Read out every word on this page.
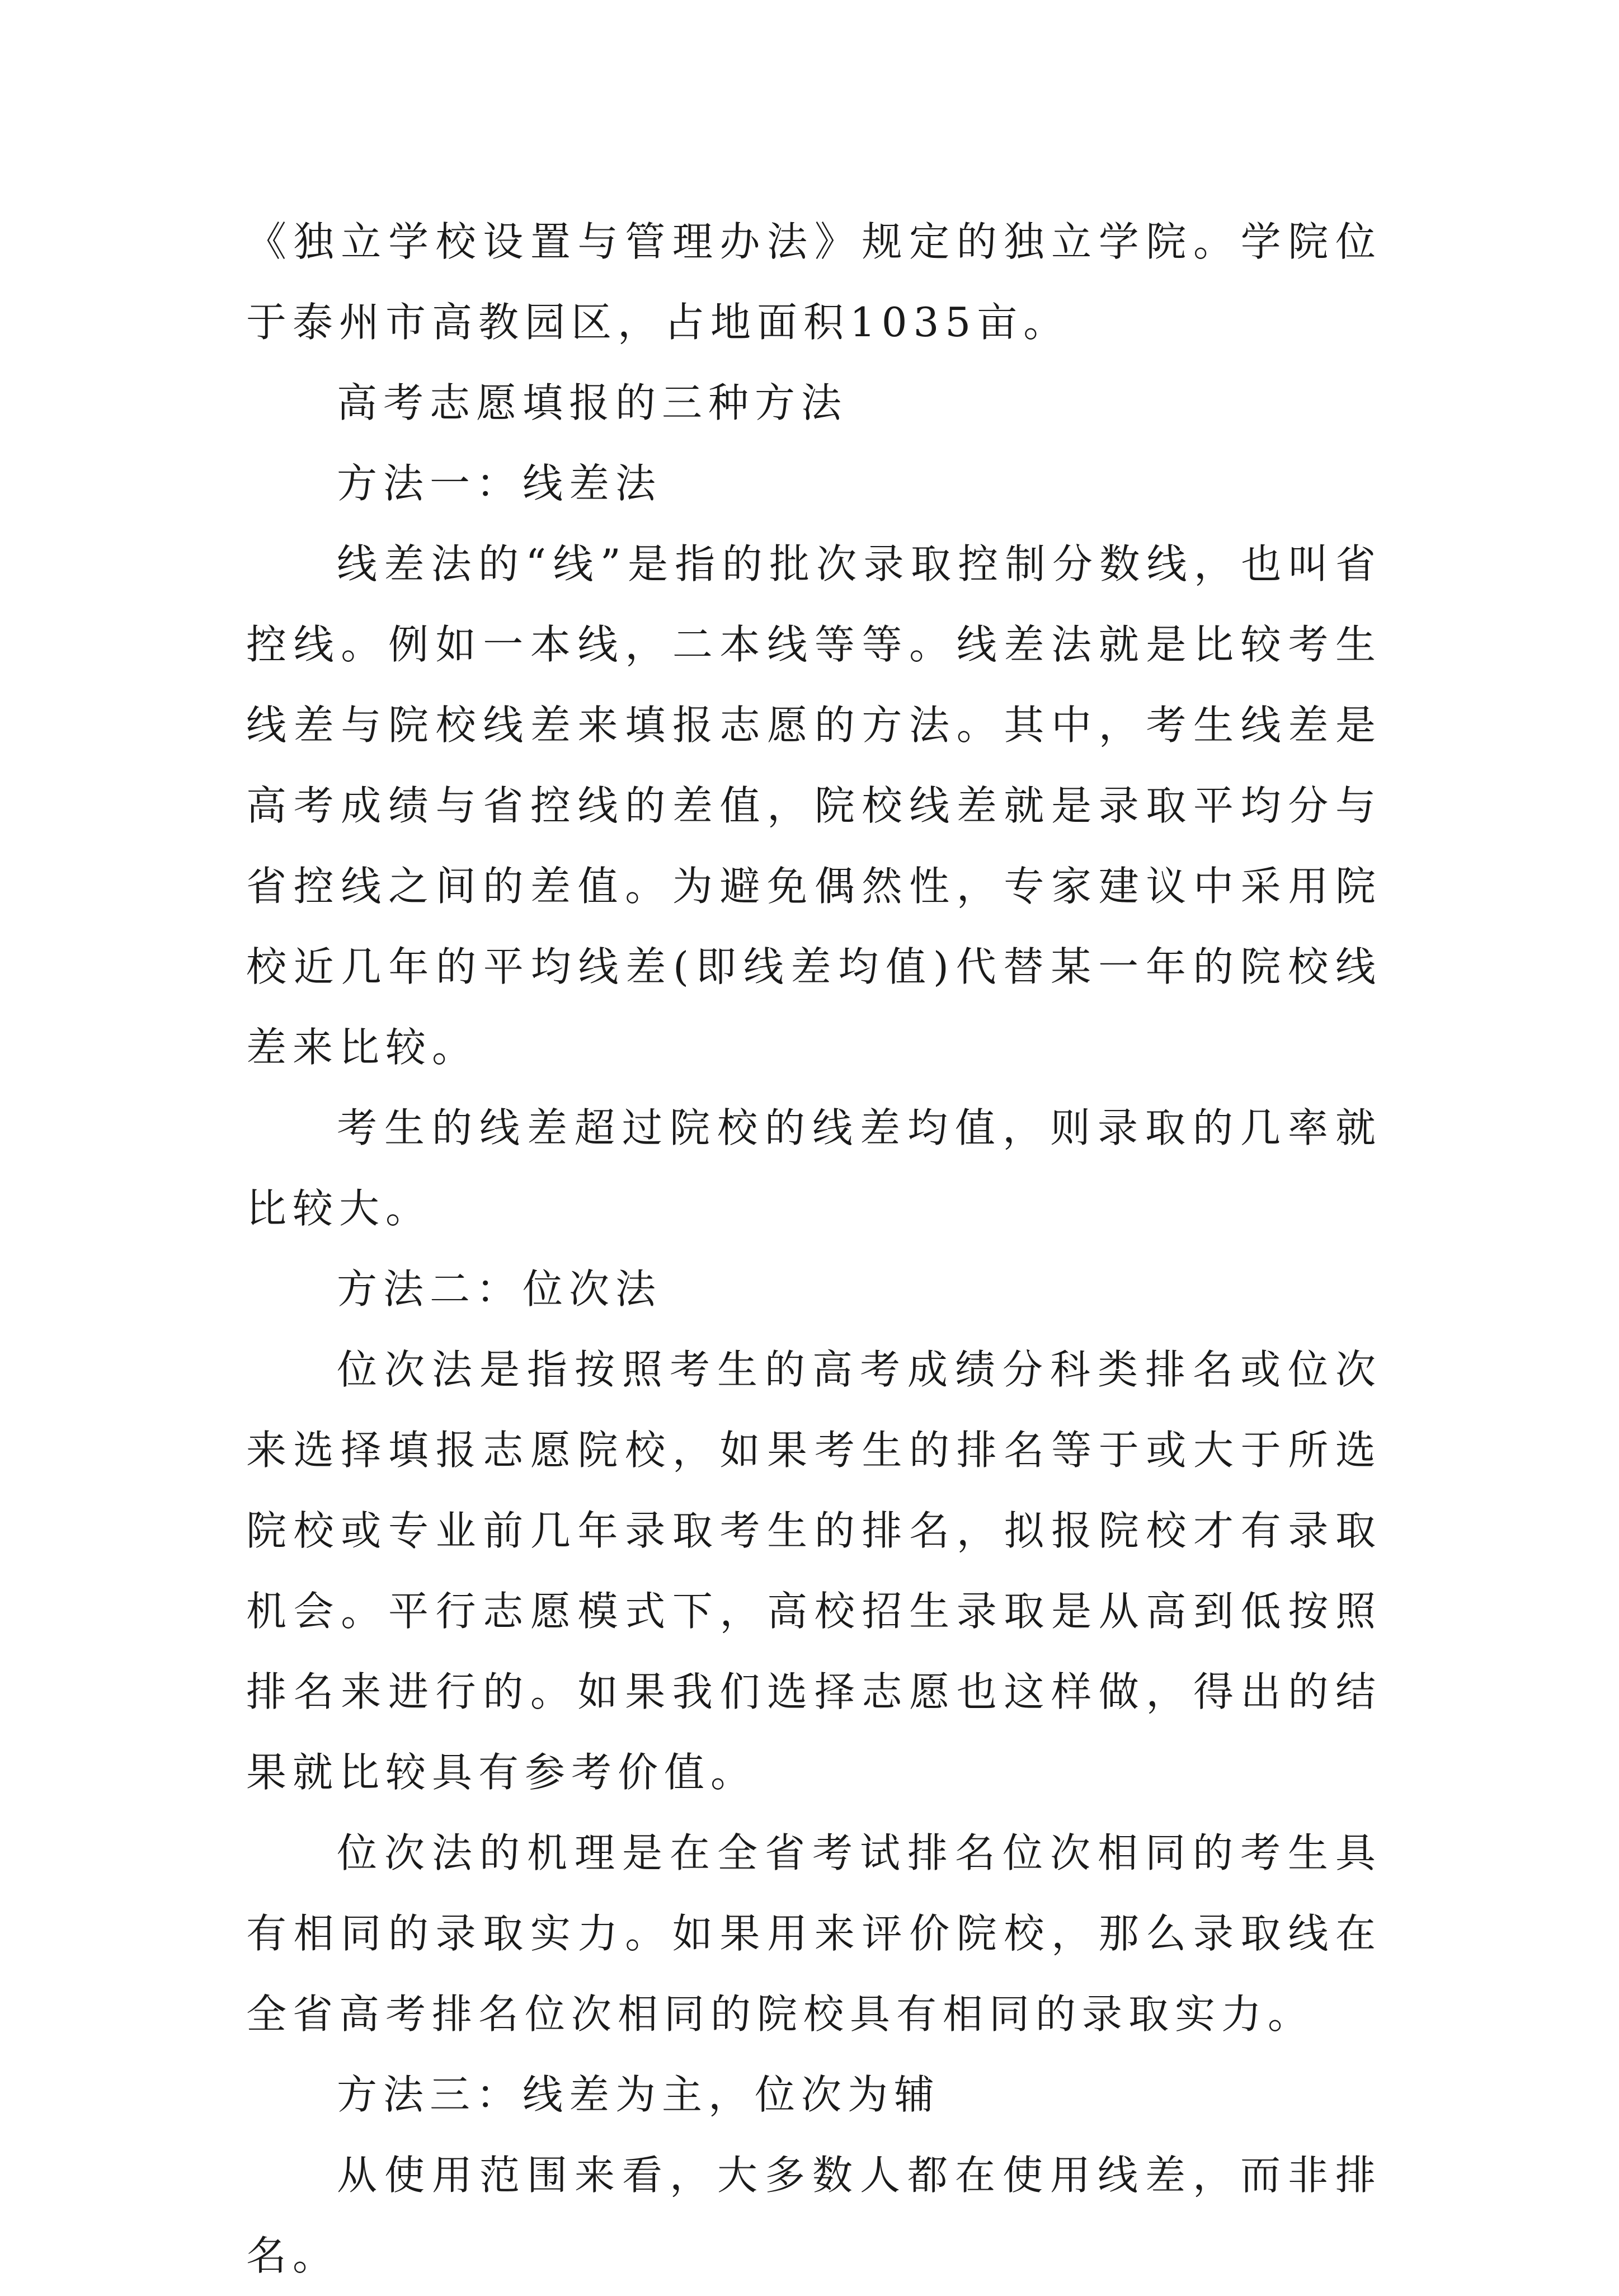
《独立学校设置与管理办法》规定的独立学院。学院位于泰州市高教园区，占地面积1035亩。

高考志愿填报的三种方法

方法一：线差法

线差法的“线”是指的批次录取控制分数线，也叫省控线。例如一本线，二本线等等。线差法就是比较考生线差与院校线差来填报志愿的方法。其中，考生线差是高考成绩与省控线的差值，院校线差就是录取平均分与省控线之间的差值。为避免偶然性，专家建议中采用院校近几年的平均线差(即线差均值)代替某一年的院校线差来比较。

考生的线差超过院校的线差均值，则录取的几率就比较大。

方法二：位次法

位次法是指按照考生的高考成绩分科类排名或位次来选择填报志愿院校，如果考生的排名等于或大于所选院校或专业前几年录取考生的排名，拟报院校才有录取机会。平行志愿模式下，高校招生录取是从高到低按照排名来进行的。如果我们选择志愿也这样做，得出的结果就比较具有参考价值。

位次法的机理是在全省考试排名位次相同的考生具有相同的录取实力。如果用来评价院校，那么录取线在全省高考排名位次相同的院校具有相同的录取实力。

方法三：线差为主，位次为辅

从使用范围来看，大多数人都在使用线差，而非排名。
